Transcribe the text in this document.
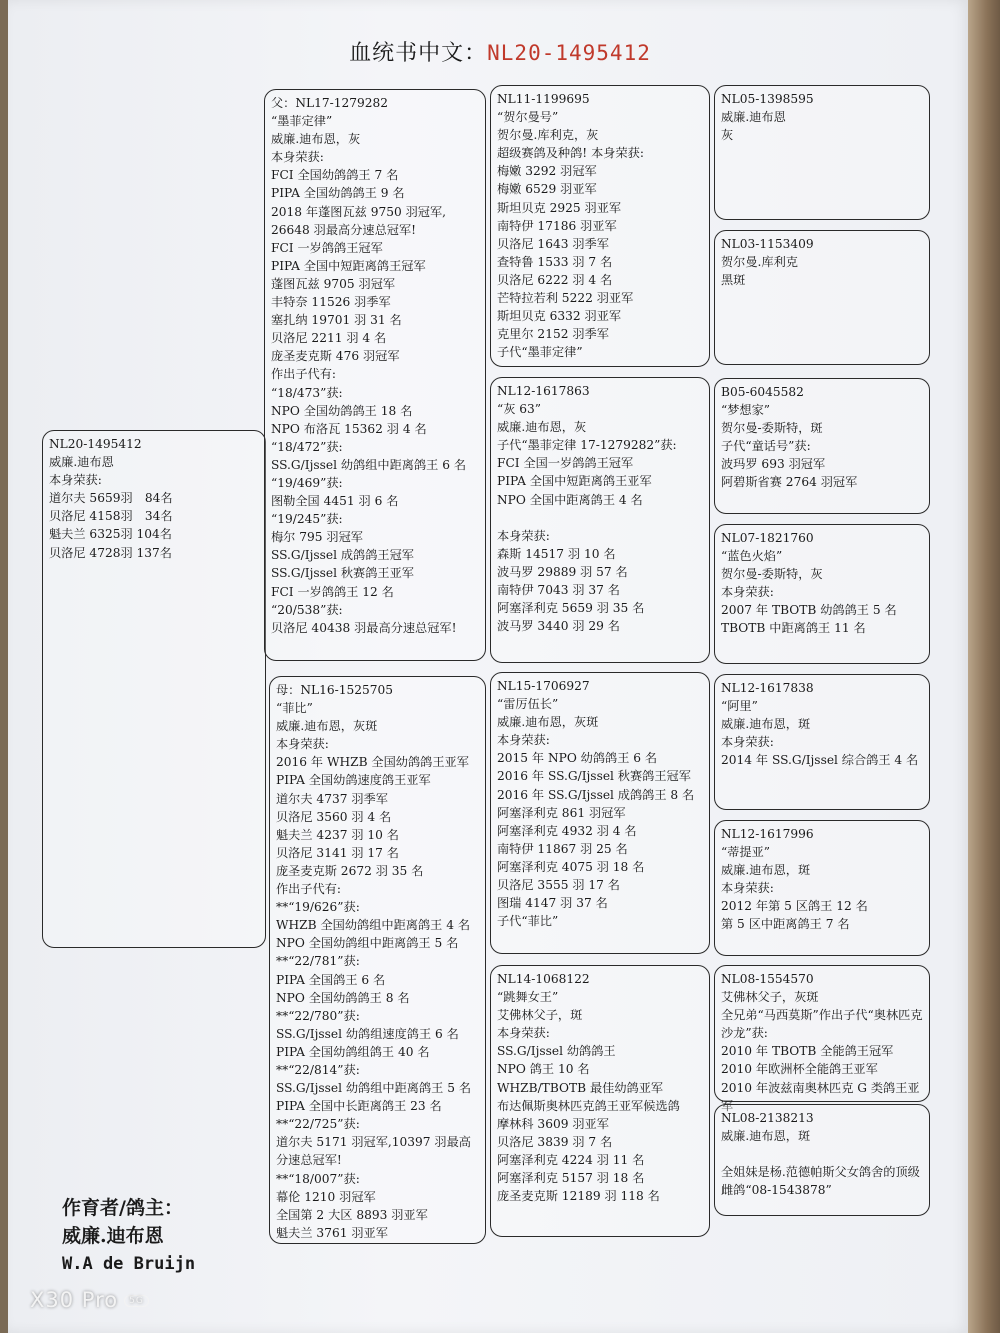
血统书中文：NL20-1495412
NL20-1495412
威廉.迪布恩
本身荣获:
道尔夫 5659羽　84名
贝洛尼 4158羽　34名
魁夫兰 6325羽 104名
贝洛尼 4728羽 137名
父：NL17-1279282
“墨菲定律”
威廉.迪布恩，灰
本身荣获:
FCI 全国幼鸽鸽王 7 名
PIPA 全国幼鸽鸽王 9 名
2018 年蓬图瓦兹 9750 羽冠军,
26648 羽最高分速总冠军!
FCI 一岁鸽鸽王冠军
PIPA 全国中短距离鸽王冠军
蓬图瓦兹 9705 羽冠军
丰特奈 11526 羽季军
塞扎纳 19701 羽 31 名
贝洛尼 2211 羽 4 名
庞圣麦克斯 476 羽冠军
作出子代有:
“18/473”获:
NPO 全国幼鸽鸽王 18 名
NPO 布洛瓦 15362 羽 4 名
“18/472”获:
SS.G/Ijssel 幼鸽组中距离鸽王 6 名
“19/469”获:
图勒全国 4451 羽 6 名
“19/245”获:
梅尔 795 羽冠军
SS.G/Ijssel 成鸽鸽王冠军
SS.G/Ijssel 秋赛鸽王亚军
FCI 一岁鸽鸽王 12 名
“20/538”获:
贝洛尼 40438 羽最高分速总冠军!
母：NL16-1525705
“菲比”
威廉.迪布恩，灰斑
本身荣获:
2016 年 WHZB 全国幼鸽鸽王亚军
PIPA 全国幼鸽速度鸽王亚军
道尔夫 4737 羽季军
贝洛尼 3560 羽 4 名
魁夫兰 4237 羽 10 名
贝洛尼 3141 羽 17 名
庞圣麦克斯 2672 羽 35 名
作出子代有:
**“19/626”获:
WHZB 全国幼鸽组中距离鸽王 4 名
NPO 全国幼鸽组中距离鸽王 5 名
**“22/781”获:
PIPA 全国鸽王 6 名
NPO 全国幼鸽鸽王 8 名
**“22/780”获:
SS.G/Ijssel 幼鸽组速度鸽王 6 名
PIPA 全国幼鸽组鸽王 40 名
**“22/814”获:
SS.G/Ijssel 幼鸽组中距离鸽王 5 名
PIPA 全国中长距离鸽王 23 名
**“22/725”获:
道尔夫 5171 羽冠军,10397 羽最高分速总冠军!
**“18/007”获:
幕伦 1210 羽冠军
全国第 2 大区 8893 羽亚军
魁夫兰 3761 羽亚军
NL11-1199695
“贺尔曼号”
贺尔曼.库利克，灰
超级赛鸽及种鸽! 本身荣获:
梅嫩 3292 羽冠军
梅嫩 6529 羽亚军
斯坦贝克 2925 羽亚军
南特伊 17186 羽亚军
贝洛尼 1643 羽季军
查特鲁 1533 羽 7 名
贝洛尼 6222 羽 4 名
芒特拉若利 5222 羽亚军
斯坦贝克 6332 羽亚军
克里尔 2152 羽季军
子代“墨菲定律”
NL12-1617863
“灰 63”
威廉.迪布恩，灰
子代“墨菲定律 17-1279282”获:
FCI 全国一岁鸽鸽王冠军
PIPA 全国中短距离鸽王亚军
NPO 全国中距离鸽王 4 名

本身荣获:
森斯 14517 羽 10 名
波马罗 29889 羽 57 名
南特伊 7043 羽 37 名
阿塞泽利克 5659 羽 35 名
波马罗 3440 羽 29 名
NL15-1706927
“雷厉伍长”
威廉.迪布恩，灰斑
本身荣获:
2015 年 NPO 幼鸽鸽王 6 名
2016 年 SS.G/Ijssel 秋赛鸽王冠军
2016 年 SS.G/Ijssel 成鸽鸽王 8 名
阿塞泽利克 861 羽冠军
阿塞泽利克 4932 羽 4 名
南特伊 11867 羽 25 名
阿塞泽利克 4075 羽 18 名
贝洛尼 3555 羽 17 名
图瑞 4147 羽 37 名
子代“菲比”
NL14-1068122
“跳舞女王”
艾佛林父子，斑
本身荣获:
SS.G/Ijssel 幼鸽鸽王
NPO 鸽王 10 名
WHZB/TBOTB 最佳幼鸽亚军
布达佩斯奥林匹克鸽王亚军候选鸽
摩林科 3609 羽亚军
贝洛尼 3839 羽 7 名
阿塞泽利克 4224 羽 11 名
阿塞泽利克 5157 羽 18 名
庞圣麦克斯 12189 羽 118 名
NL05-1398595
威廉.迪布恩
灰
NL03-1153409
贺尔曼.库利克
黑斑
B05-6045582
“梦想家”
贺尔曼-委斯特，斑
子代“童话号”获:
波玛罗 693 羽冠军
阿碧斯省赛 2764 羽冠军
NL07-1821760
“蓝色火焰”
贺尔曼-委斯特，灰
本身荣获:
2007 年 TBOTB 幼鸽鸽王 5 名
TBOTB 中距离鸽王 11 名
NL12-1617838
“阿里”
威廉.迪布恩，斑
本身荣获:
2014 年 SS.G/Ijssel 综合鸽王 4 名
NL12-1617996
“蒂提亚”
威廉.迪布恩，斑
本身荣获:
2012 年第 5 区鸽王 12 名
第 5 区中距离鸽王 7 名
NL08-1554570
艾佛林父子，灰斑
全兄弟“马西莫斯”作出子代“奥林匹克沙龙”获:
2010 年 TBOTB 全能鸽王冠军
2010 年欧洲杯全能鸽王亚军
2010 年波兹南奥林匹克 G 类鸽王亚军
NL08-2138213
威廉.迪布恩，斑

全姐妹是杨.范德帕斯父女鸽舍的顶级雌鸽“08-1543878”
作育者/鸽主：
威廉.迪布恩
W.A de Bruijn
X30 Pro 5G
